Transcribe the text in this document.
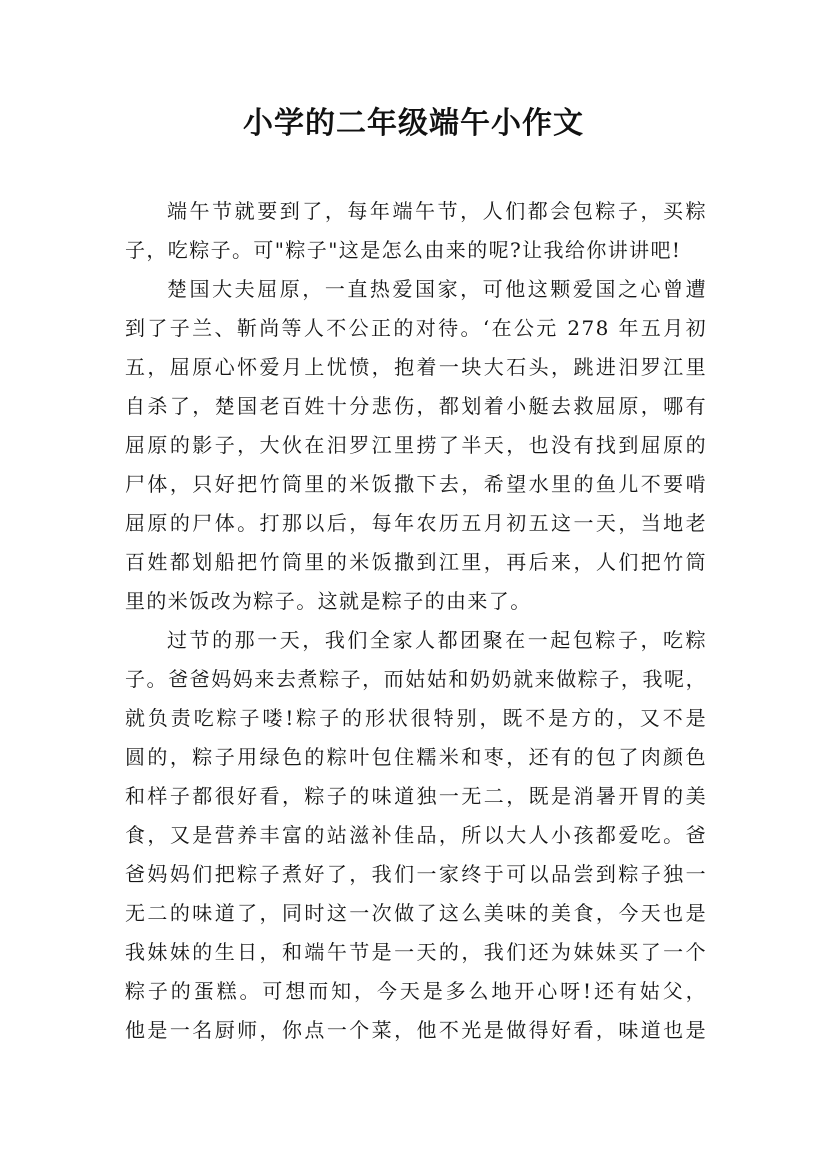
小学的二年级端午小作文
端午节就要到了，每年端午节，人们都会包粽子，买粽
子，吃粽子。可"粽子"这是怎么由来的呢?让我给你讲讲吧!
楚国大夫屈原，一直热爱国家，可他这颗爱国之心曾遭
到了子兰、靳尚等人不公正的对待。‘在公元 278 年五月初
五，屈原心怀爱月上忧愤，抱着一块大石头，跳进汨罗江里
自杀了，楚国老百姓十分悲伤，都划着小艇去救屈原，哪有
屈原的影子，大伙在汨罗江里捞了半天，也没有找到屈原的
尸体，只好把竹筒里的米饭撒下去，希望水里的鱼儿不要啃
屈原的尸体。打那以后，每年农历五月初五这一天，当地老
百姓都划船把竹筒里的米饭撒到江里，再后来，人们把竹筒
里的米饭改为粽子。这就是粽子的由来了。
过节的那一天，我们全家人都团聚在一起包粽子，吃粽
子。爸爸妈妈来去煮粽子，而姑姑和奶奶就来做粽子，我呢，
就负责吃粽子喽!粽子的形状很特别，既不是方的，又不是
圆的，粽子用绿色的粽叶包住糯米和枣，还有的包了肉颜色
和样子都很好看，粽子的味道独一无二，既是消暑开胃的美
食，又是营养丰富的站滋补佳品，所以大人小孩都爱吃。爸
爸妈妈们把粽子煮好了，我们一家终于可以品尝到粽子独一
无二的味道了，同时这一次做了这么美味的美食，今天也是
我妹妹的生日，和端午节是一天的，我们还为妹妹买了一个
粽子的蛋糕。可想而知，今天是多么地开心呀!还有姑父，
他是一名厨师，你点一个菜，他不光是做得好看，味道也是
